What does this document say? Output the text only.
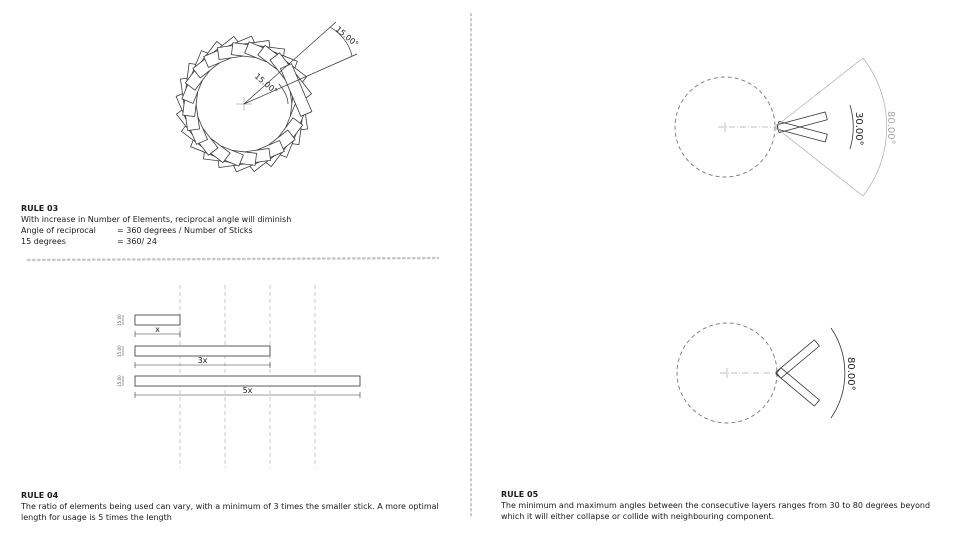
15.00°
15.00°
x
15.00
3x
15.00
5x
15.00
30.00° 80.00°
80.00°
RULE 03
With increase in Number of Elements, reciprocal angle will diminish
Angle of reciprocal	= 360 degrees / Number of Sticks
15 degrees	= 360/ 24
RULE 04
The ratio of elements being used can vary, with a minimum of 3 times the smaller stick. A more optimal length for usage is 5 times the length
RULE 05
The minimum and maximum angles between the consecutive layers ranges from 30 to 80 degrees beyond which it will either collapse or collide with neighbouring component.
